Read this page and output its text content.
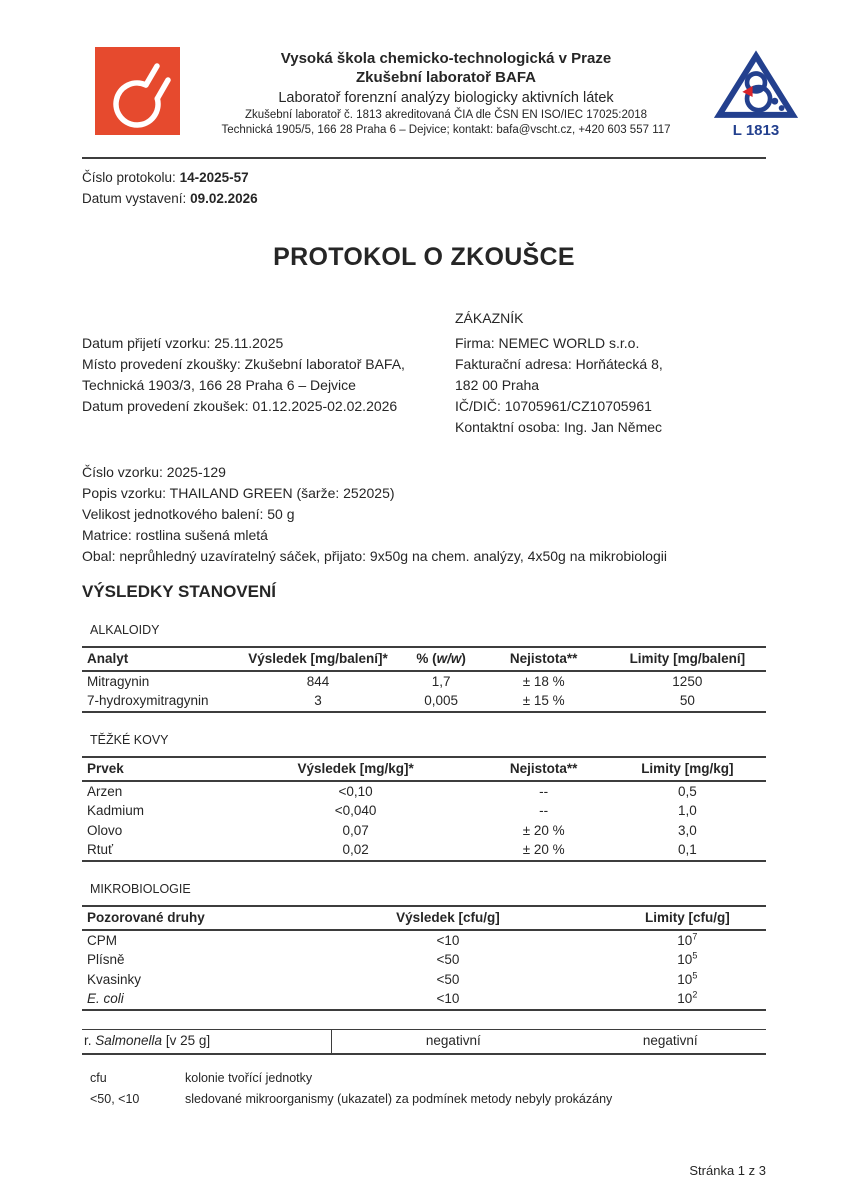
Vysoká škola chemicko-technologická v Praze
Zkušební laboratoř BAFA
Laboratoř forenzní analýzy biologicky aktivních látek
Zkušební laboratoř č. 1813 akreditovaná ČIA dle ČSN EN ISO/IEC 17025:2018
Technická 1905/5, 166 28 Praha 6 – Dejvice; kontakt: bafa@vscht.cz, +420 603 557 117	L 1813
Číslo protokolu: 14-2025-57
Datum vystavení: 09.02.2026
PROTOKOL O ZKOUŠCE
Datum přijetí vzorku: 25.11.2025
Místo provedení zkoušky: Zkušební laboratoř BAFA,
Technická 1903/3, 166 28 Praha 6 – Dejvice
Datum provedení zkoušek: 01.12.2025-02.02.2026
ZÁKAZNÍK
Firma: NEMEC WORLD s.r.o.
Fakturační adresa: Horňátecká 8,
182 00 Praha
IČ/DIČ: 10705961/CZ10705961
Kontaktní osoba: Ing. Jan Němec
Číslo vzorku: 2025-129
Popis vzorku: THAILAND GREEN (šarže: 252025)
Velikost jednotkového balení: 50 g
Matrice: rostlina sušená mletá
Obal: neprůhledný uzavíratelný sáček, přijato: 9x50g na chem. analýzy, 4x50g na mikrobiologii
VÝSLEDKY STANOVENÍ
ALKALOIDY
Analyt	Výsledek [mg/balení]*	% (w/w)	Nejistota**	Limity [mg/balení]
Mitragynin	844	1,7	± 18 %	1250
7-hydroxymitragynin	3	0,005	± 15 %	50
TĚŽKÉ KOVY
Prvek	Výsledek [mg/kg]*	Nejistota**	Limity [mg/kg]
Arzen	<0,10	--	0,5
Kadmium	<0,040	--	1,0
Olovo	0,07	± 20 %	3,0
Rtuť	0,02	± 20 %	0,1
MIKROBIOLOGIE
Pozorované druhy	Výsledek [cfu/g]	Limity [cfu/g]
CPM	<10	$10^7$
Plísně	<50	$10^5$
Kvasinky	<50	$10^5$
E. coli	<10	$10^2$
r. Salmonella [v 25 g]	negativní	negativní
cfu	kolonie tvořící jednotky
<50, <10	sledované mikroorganismy (ukazatel) za podmínek metody nebyly prokázány
Stránka 1 z 3
